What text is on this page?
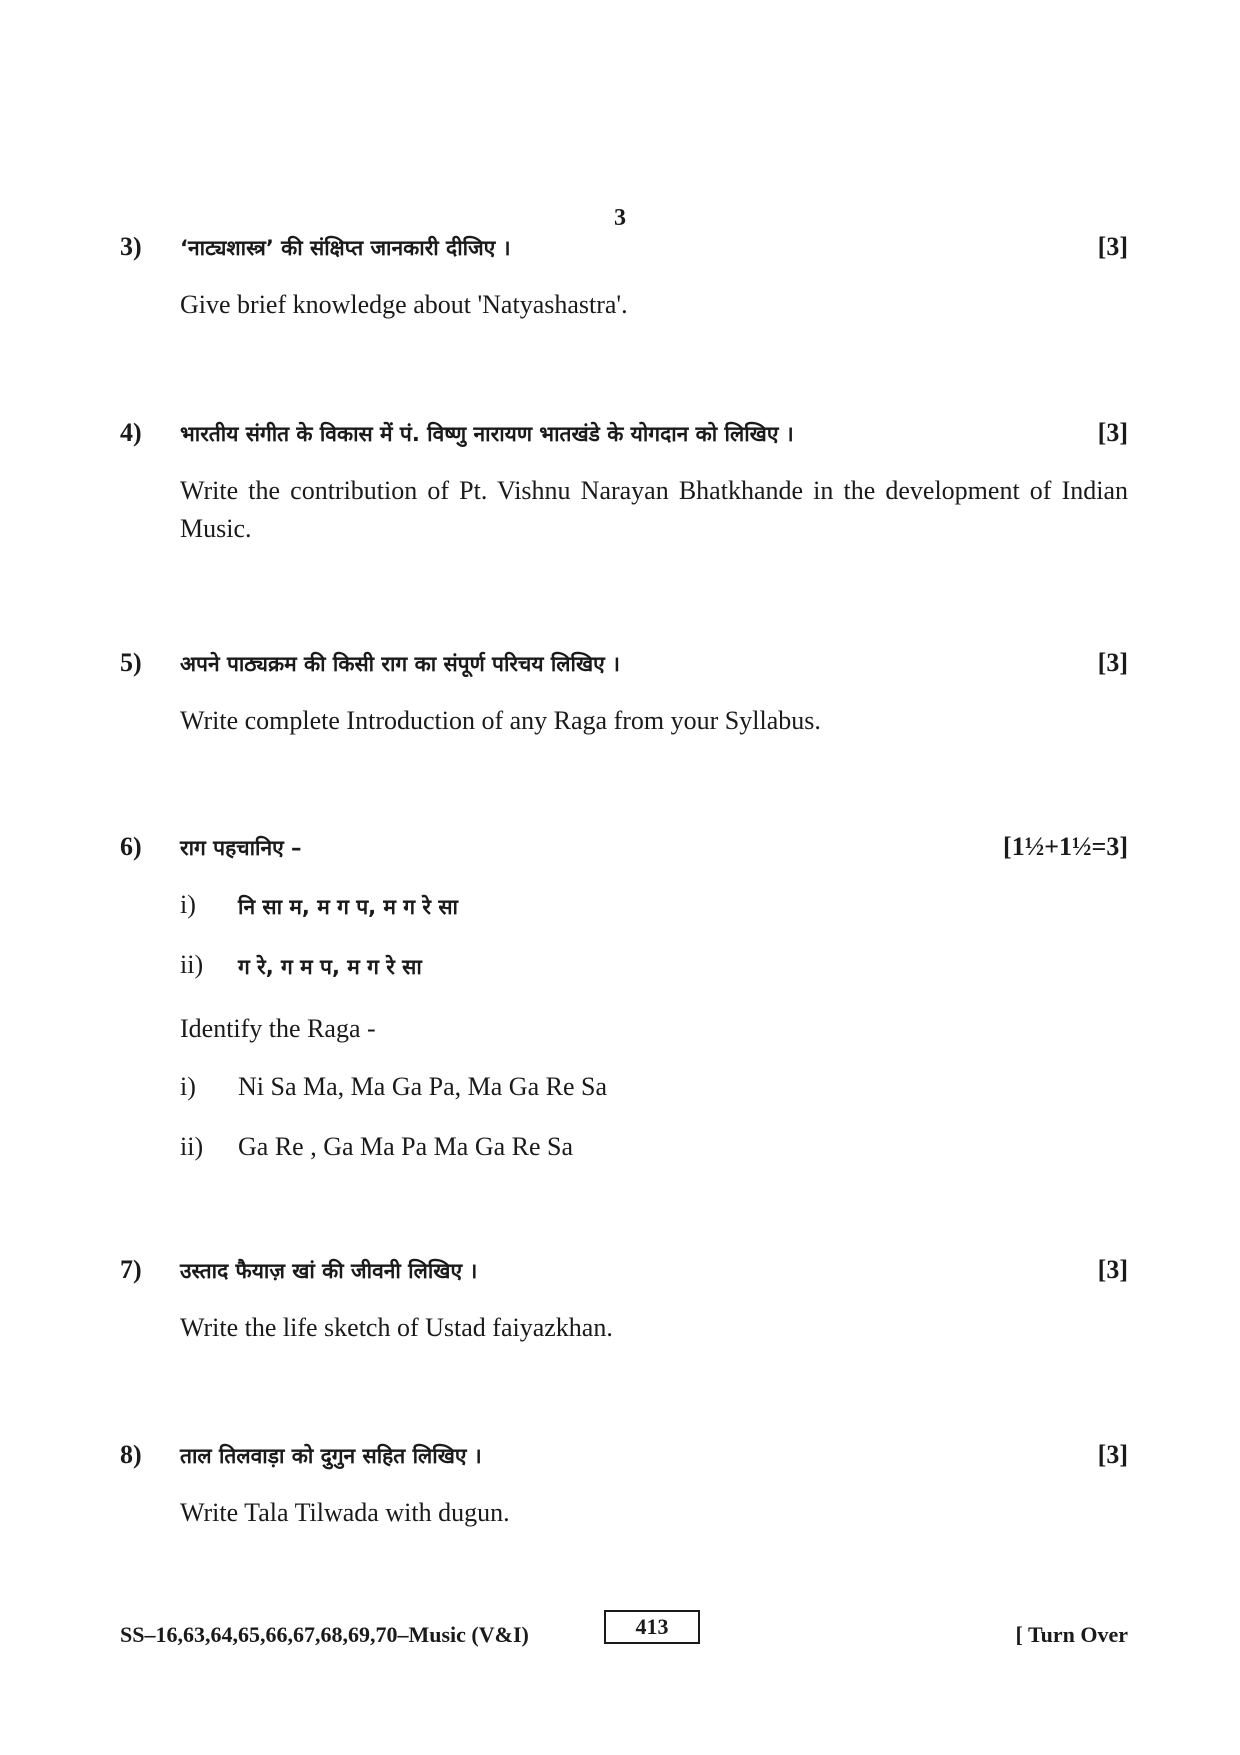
3
3) ‘नाट्यशास्त्र’ की संक्षिप्त जानकारी दीजिए ।	[3]
Give brief knowledge about 'Natyashastra'.
4) भारतीय संगीत के विकास में पं. विष्णु नारायण भातखंडे के योगदान को लिखिए ।	[3]
Write the contribution of Pt. Vishnu Narayan Bhatkhande in the development of Indian Music.
5) अपने पाठ्यक्रम की किसी राग का संपूर्ण परिचय लिखिए ।	[3]
Write complete Introduction of any Raga from your Syllabus.
6) राग पहचानिए –	[1½+1½=3]
i) नि सा म, म ग प, म ग रे सा
ii) ग रे, ग म प, म ग रे सा
Identify the Raga -
i) Ni Sa Ma, Ma Ga Pa, Ma Ga Re Sa
ii) Ga Re , Ga Ma Pa Ma Ga Re Sa
7) उस्ताद फैयाज़ खां की जीवनी लिखिए ।	[3]
Write the life sketch of Ustad faiyazkhan.
8) ताल तिलवाड़ा को दुगुन सहित लिखिए ।	[3]
Write Tala Tilwada with dugun.
SS–16,63,64,65,66,67,68,69,70–Music (V&I)	413	[ Turn Over
